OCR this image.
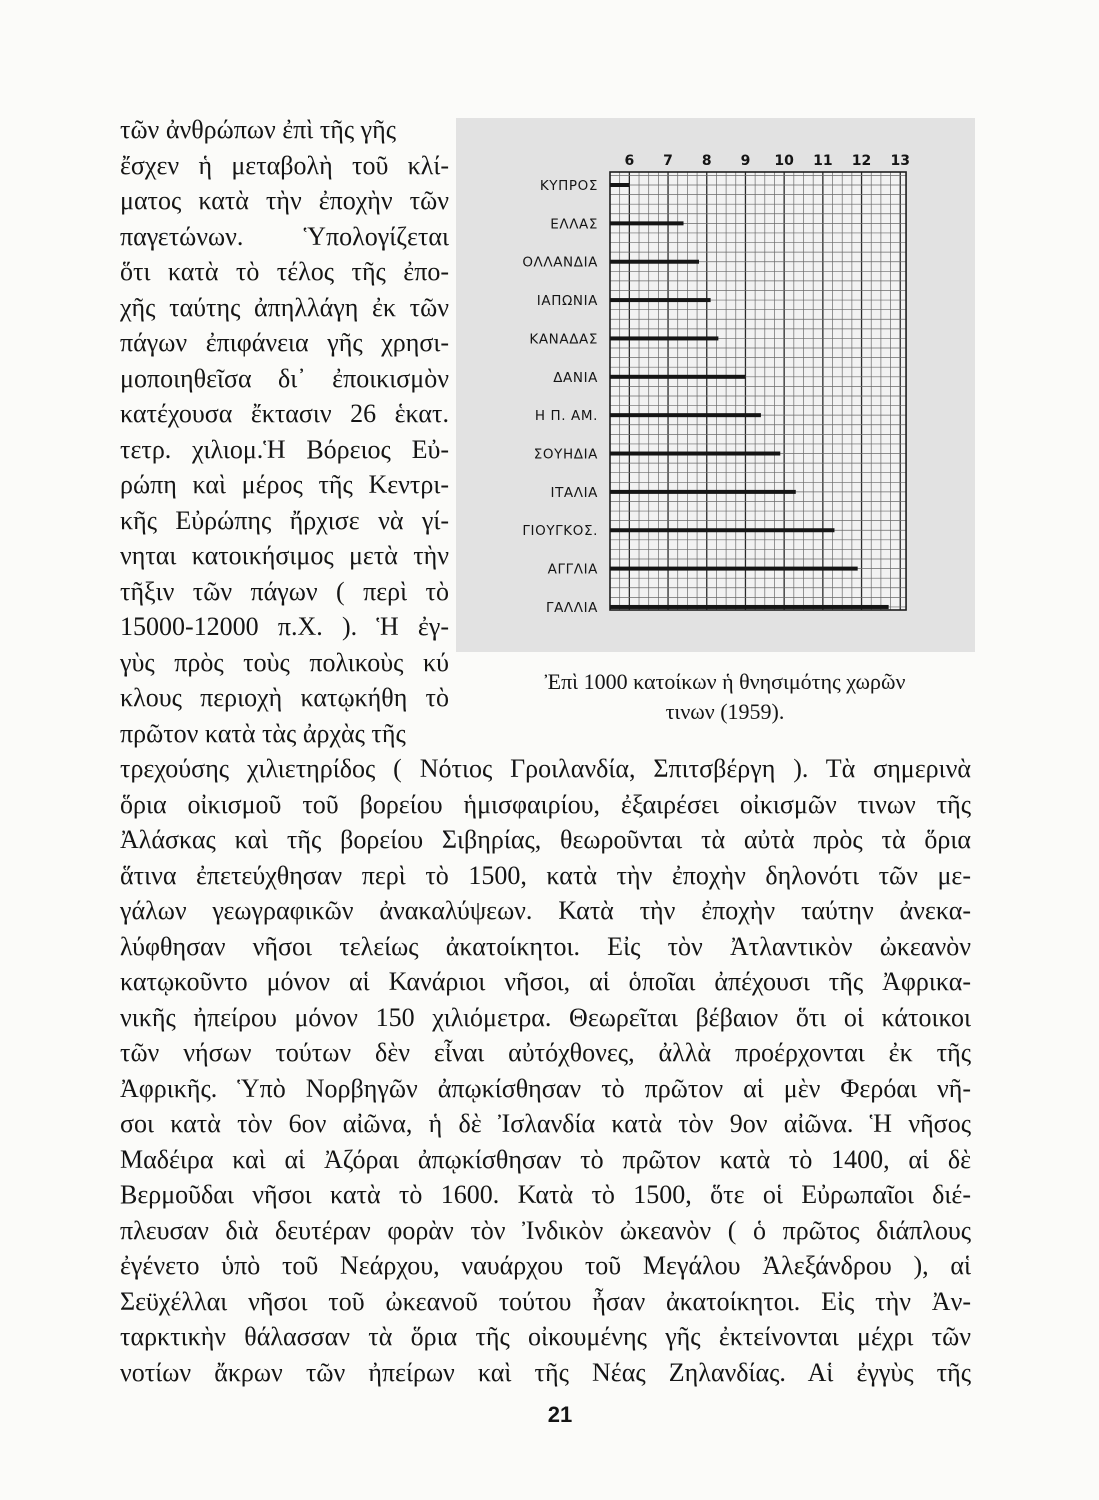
τῶν ἀνθρώπων ἐπὶ τῆς γῆς
ἔσχεν ἡ μεταβολὴ τοῦ κλί-
ματος κατὰ τὴν ἐποχὴν τῶν
παγετώνων. Ὑπολογίζεται
ὅτι κατὰ τὸ τέλος τῆς ἐπο-
χῆς ταύτης ἀπηλλάγη ἐκ τῶν
πάγων ἐπιφάνεια γῆς χρησι-
μοποιηθεῖσα δι᾽ ἐποικισμὸν
κατέχουσα ἔκτασιν 26 ἑκατ.
τετρ. χιλιομ.Ἡ Βόρειος Εὐ-
ρώπη καὶ μέρος τῆς Κεντρι-
κῆς Εὐρώπης ἤρχισε νὰ γί-
νηται κατοικήσιμος μετὰ τὴν
τῆξιν τῶν πάγων ( περὶ τὸ
15000-12000 π.Χ. ). Ἡ ἐγ-
γὺς πρὸς τοὺς πολικοὺς κύ
κλους περιοχὴ κατῳκήθη τὸ
πρῶτον κατὰ τὰς ἀρχὰς τῆς
6 7 8 9 10 11 12 13
ΚΥΠΡΟΣ
ΕΛΛΑΣ
ΟΛΛΑΝΔΙΑ
ΙΑΠΩΝΙΑ
ΚΑΝΑΔΑΣ
ΔΑΝΙΑ
Η Π. ΑΜ.
ΣΟΥΗΔΙΑ
ΙΤΑΛΙΑ
ΓΙΟΥΓΚΟΣ.
ΑΓΓΛΙΑ
ΓΑΛΛΙΑ
Ἐπὶ 1000 κατοίκων ἡ θνησιμότης χωρῶν
τινων (1959).
τρεχούσης χιλιετηρίδος ( Νότιος Γροιλανδία, Σπιτσβέργη ). Τὰ σημερινὰ
ὅρια οἰκισμοῦ τοῦ βορείου ἡμισφαιρίου, ἐξαιρέσει οἰκισμῶν τινων τῆς
Ἀλάσκας καὶ τῆς βορείου Σιβηρίας, θεωροῦνται τὰ αὐτὰ πρὸς τὰ ὅρια
ἅτινα ἐπετεύχθησαν περὶ τὸ 1500, κατὰ τὴν ἐποχὴν δηλονότι τῶν με-
γάλων γεωγραφικῶν ἀνακαλύψεων. Κατὰ τὴν ἐποχὴν ταύτην ἀνεκα-
λύφθησαν νῆσοι τελείως ἀκατοίκητοι. Εἰς τὸν Ἀτλαντικὸν ὠκεανὸν
κατῳκοῦντο μόνον αἱ Κανάριοι νῆσοι, αἱ ὁποῖαι ἀπέχουσι τῆς Ἀφρικα-
νικῆς ἠπείρου μόνον 150 χιλιόμετρα. Θεωρεῖται βέβαιον ὅτι οἱ κάτοικοι
τῶν νήσων τούτων δὲν εἶναι αὐτόχθονες, ἀλλὰ προέρχονται ἐκ τῆς
Ἀφρικῆς. Ὑπὸ Νορβηγῶν ἀπῳκίσθησαν τὸ πρῶτον αἱ μὲν Φερόαι νῆ-
σοι κατὰ τὸν 6ον αἰῶνα, ἡ δὲ Ἰσλανδία κατὰ τὸν 9ον αἰῶνα. Ἡ νῆσος
Μαδέιρα καὶ αἱ Ἀζόραι ἀπῳκίσθησαν τὸ πρῶτον κατὰ τὸ 1400, αἱ δὲ
Βερμοῦδαι νῆσοι κατὰ τὸ 1600. Κατὰ τὸ 1500, ὅτε οἱ Εὐρωπαῖοι διέ-
πλευσαν διὰ δευτέραν φορὰν τὸν Ἰνδικὸν ὠκεανὸν ( ὁ πρῶτος διάπλους
ἐγένετο ὑπὸ τοῦ Νεάρχου, ναυάρχου τοῦ Μεγάλου Ἀλεξάνδρου ), αἱ
Σεϋχέλλαι νῆσοι τοῦ ὠκεανοῦ τούτου ἦσαν ἀκατοίκητοι. Εἰς τὴν Ἀν-
ταρκτικὴν θάλασσαν τὰ ὅρια τῆς οἰκουμένης γῆς ἐκτείνονται μέχρι τῶν
νοτίων ἄκρων τῶν ἠπείρων καὶ τῆς Νέας Ζηλανδίας. Αἱ ἐγγὺς τῆς
21
